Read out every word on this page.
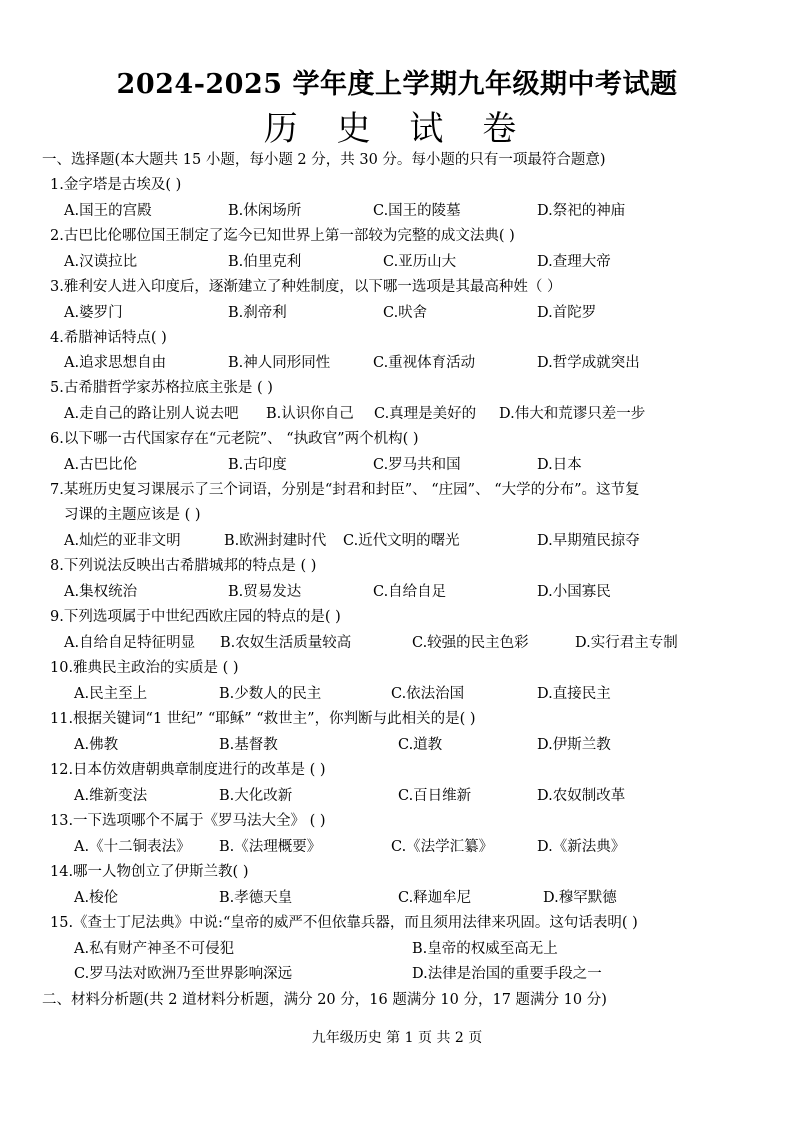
2024-2025 学年度上学期九年级期中考试题
历 史 试 卷
一、选择题(本大题共 15 小题，每小题 2 分，共 30 分。每小题的只有一项最符合题意)
1.金字塔是古埃及( )
A.国王的宫殿	B.休闲场所	C.国王的陵墓	D.祭祀的神庙
2.古巴比伦哪位国王制定了迄今已知世界上第一部较为完整的成文法典( )
A.汉谟拉比	B.伯里克利	C.亚历山大	D.查理大帝
3.雅利安人进入印度后，逐渐建立了种姓制度，以下哪一选项是其最高种姓（ ）
A.婆罗门	B.刹帝利	C.吠舍	D.首陀罗
4.希腊神话特点( )
A.追求思想自由	B.神人同形同性	C.重视体育活动	D.哲学成就突出
5.古希腊哲学家苏格拉底主张是 ( )
A.走自己的路让别人说去吧 B.认识你自己 C.真理是美好的 D.伟大和荒谬只差一步
6.以下哪一古代国家存在“元老院”、 “执政官”两个机构( )
A.古巴比伦	B.古印度	C.罗马共和国	D.日本
7.某班历史复习课展示了三个词语，分别是“封君和封臣”、 “庄园”、 “大学的分布”。这节复
习课的主题应该是 ( )
A.灿烂的亚非文明	B.欧洲封建时代 C.近代文明的曙光	D.早期殖民掠夺
8.下列说法反映出古希腊城邦的特点是 ( )
A.集权统治	B.贸易发达	C.自给自足	D.小国寡民
9.下列选项属于中世纪西欧庄园的特点的是( )
A.自给自足特征明显 B.农奴生活质量较高	C.较强的民主色彩	D.实行君主专制
10.雅典民主政治的实质是 ( )
A.民主至上	B.少数人的民主	C.依法治国	D.直接民主
11.根据关键词“1 世纪” “耶稣” “救世主”，你判断与此相关的是( )
A.佛教	B.基督教	C.道教	D.伊斯兰教
12.日本仿效唐朝典章制度进行的改革是 ( )
A.维新变法	B.大化改新	C.百日维新	D.农奴制改革
13.一下选项哪个不属于《罗马法大全》 ( )
A.《十二铜表法》 B.《法理概要》	C.《法学汇纂》	D.《新法典》
14.哪一人物创立了伊斯兰教( )
A.梭伦	B.孝德天皇	C.释迦牟尼	D.穆罕默德
15.《查士丁尼法典》中说:“皇帝的威严不但依靠兵器，而且须用法律来巩固。这句话表明( )
A.私有财产神圣不可侵犯	B.皇帝的权威至高无上
C.罗马法对欧洲乃至世界影响深远	D.法律是治国的重要手段之一
二、材料分析题(共 2 道材料分析题，满分 20 分，16 题满分 10 分，17 题满分 10 分)
九年级历史 第 1 页 共 2 页
